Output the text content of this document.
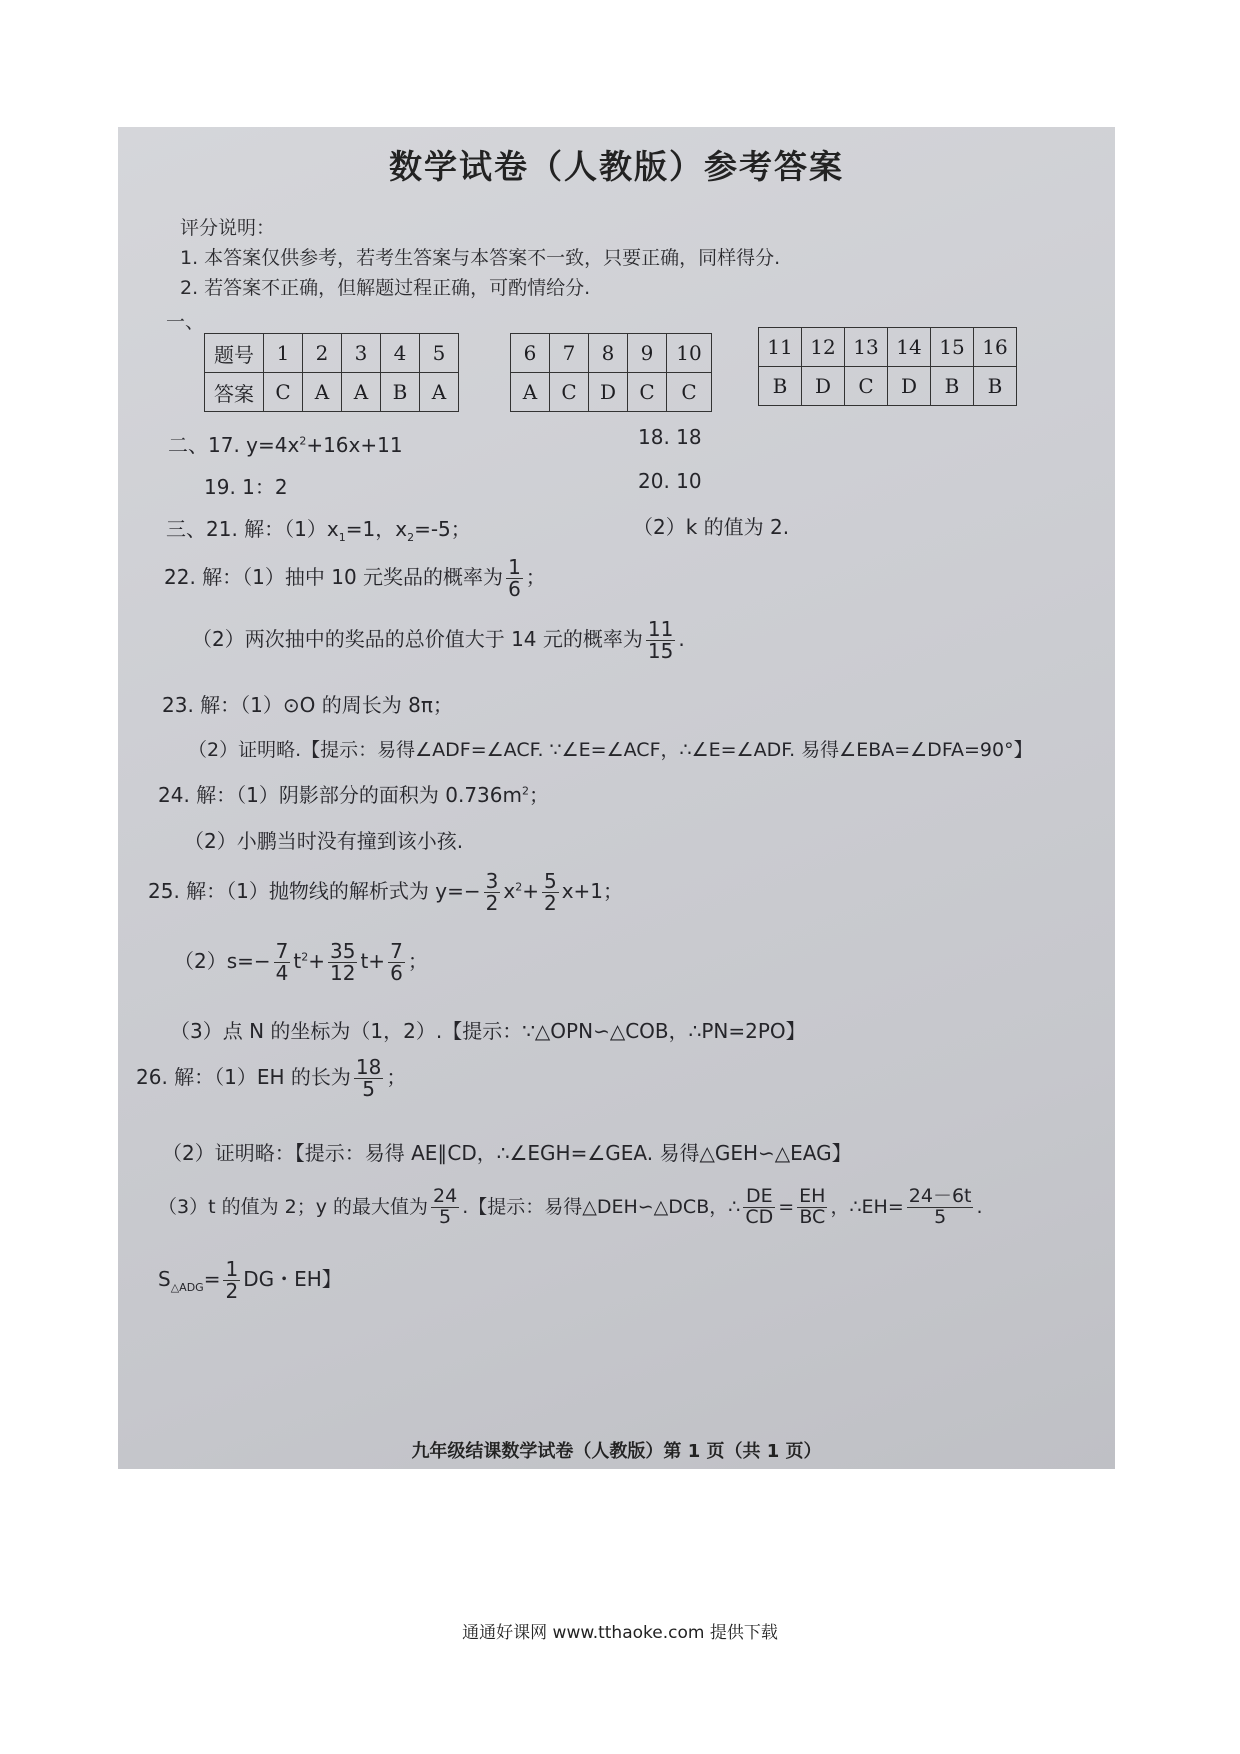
数学试卷（人教版）参考答案
评分说明：
1. 本答案仅供参考，若考生答案与本答案不一致，只要正确，同样得分.
2. 若答案不正确，但解题过程正确，可酌情给分.
一、
题号	1	2	3	4	5
答案	C	A	A	B	A
6	7	8	9	10
A	C	D	C	C
11	12	13	14	15	16
B	D	C	D	B	B
二、17. $y=4x^2+16x+11$	18. 18
19. 1：2	20. 10
三、21. 解：$(1)x_1=1$，$x_2=-5$；	（2）k 的值为 2.
22. 解：（1）抽中 10 元奖品的概率为 $\frac{1}{6}$ ；
（2）两次抽中的奖品的总价值大于 14 元的概率为 $\frac{11}{15}$ .
23. 解：（1）⊙O 的周长为 8π；
（2）证明略.【提示：易得∠ADF=∠ACF. ∵∠E=∠ACF，∴∠E=∠ADF. 易得∠EBA=∠DFA=90°】
24. 解：（1）阴影部分的面积为 $0.736m^2$；
（2）小鹏当时没有撞到该小孩.
25. 解：（1）抛物线的解析式为 $y=- \frac{3}{2} x^2+ \frac{5}{2} x+1$；
$(2)s=- \frac{7}{4} t^2+ \frac{35}{12} t+ \frac{7}{6}$ ；
（3）点 N 的坐标为（1，2）.【提示：∵△OPN∽△COB，∴PN=2PO】
26. 解：（1）EH 的长为 $\frac{18}{5}$ ；
（2）证明略：【提示：易得 AE∥CD，∴∠EGH=∠GEA. 易得△GEH∽△EAG】
（3）t 的值为 2；y 的最大值为 $\frac{24}{5}$ .【提示：易得△DEH∽△DCB，∴ $\frac{DE}{CD} = \frac{EH}{BC}$ ，∴EH= $\frac{24-6t}{5}$ .
$S_{\triangle ADG}= \frac{1}{2}$ DG・EH】
九年级结课数学试卷（人教版）第 1 页（共 1 页）
通通好课网 www.tthaoke.com 提供下载
